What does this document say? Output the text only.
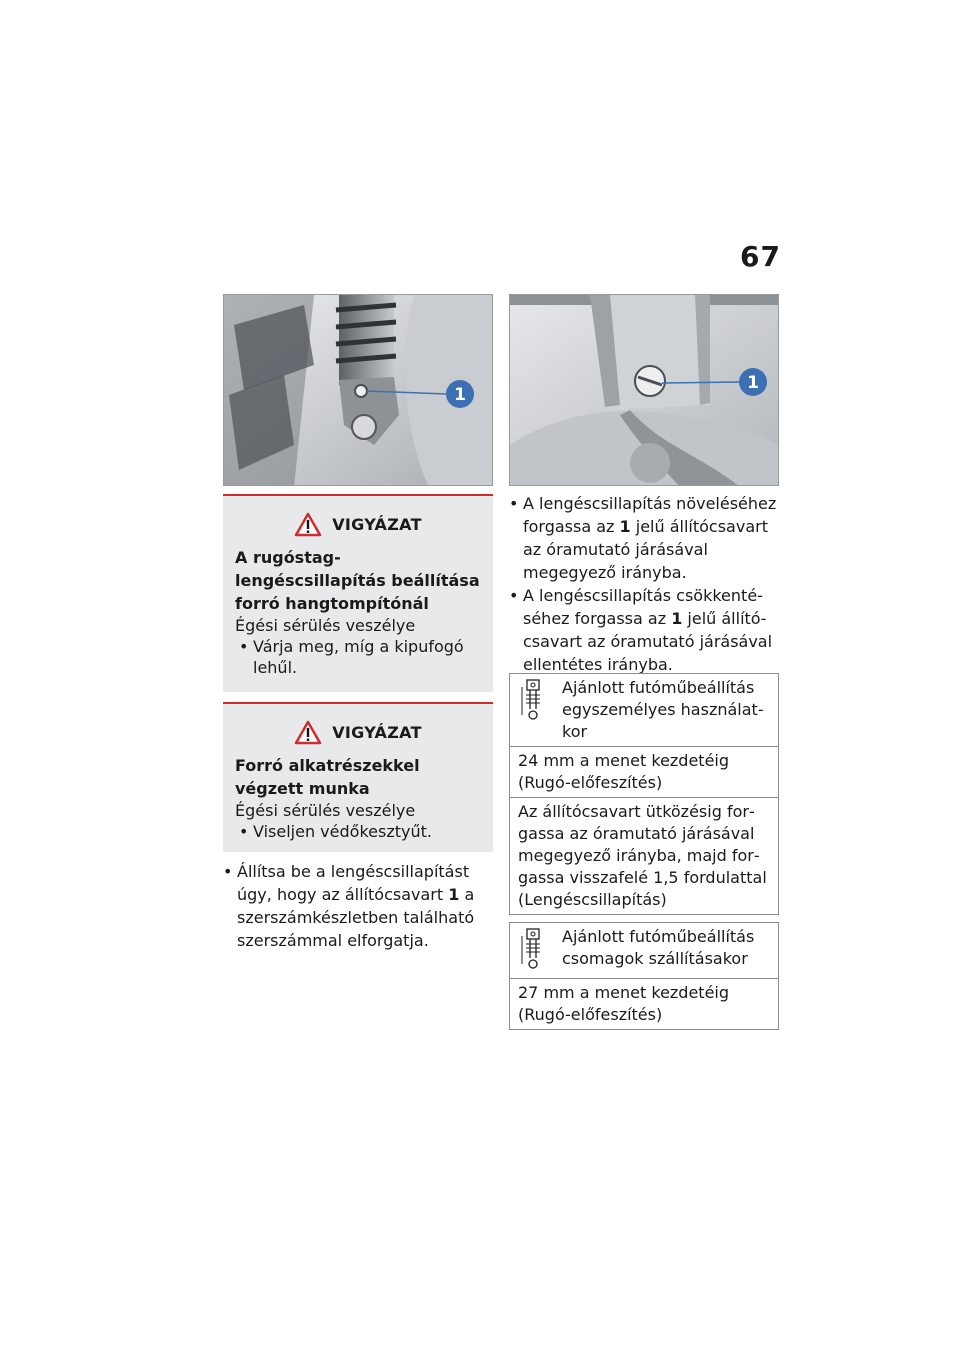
67
1
1
VIGYÁZAT
A rugóstag-lengéscsillapítás beállítása forró hangtompítónál
Égési sérülés veszélye
• Várja meg, míg a kipufogó lehűl.
VIGYÁZAT
Forró alkatrészekkel végzett munka
Égési sérülés veszélye
• Viseljen védőkesztyűt.
• Állítsa be a lengéscsillapítást úgy, hogy az állítócsavart 1 a szerszámkészletben található szerszámmal elforgatja.
• A lengéscsillapítás növeléséhez forgassa az 1 jelű állítócsavart az óramutató járásával megegyező irányba.
• A lengéscsillapítás csökkentéséhez forgassa az 1 jelű állítócsavart az óramutató járásával ellentétes irányba.
Ajánlott futóműbeállítás egyszemélyes használatkor
24 mm a menet kezdetéig (Rugó-előfeszítés)
Az állítócsavart ütközésig forgassa az óramutató járásával megegyező irányba, majd forgassa visszafelé 1,5 fordulattal (Lengéscsillapítás)
Ajánlott futóműbeállítás csomagok szállításakor
27 mm a menet kezdetéig (Rugó-előfeszítés)
